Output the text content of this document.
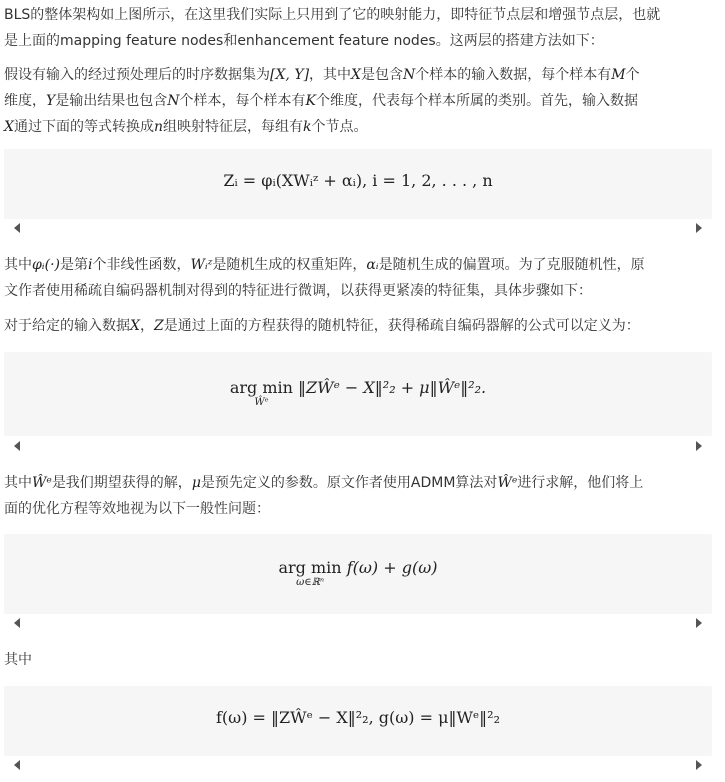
BLS的整体架构如上图所示，在这里我们实际上只用到了它的映射能力，即特征节点层和增强节点层，也就
是上面的mapping feature nodes和enhancement feature nodes。这两层的搭建方法如下：

假设有输入的经过预处理后的时序数据集为[X, Y]，其中X是包含N个样本的输入数据，每个样本有M个
维度，Y是输出结果也包含N个样本，每个样本有K个维度，代表每个样本所属的类别。首先，输入数据
X通过下面的等式转换成n组映射特征层，每组有k个节点。

Zᵢ = φᵢ(XWᵢᶻ + αᵢ), i = 1, 2, . . . , n

其中φᵢ(·)是第i个非线性函数，Wᵢᶻ是随机生成的权重矩阵，αᵢ是随机生成的偏置项。为了克服随机性，原
文作者使用稀疏自编码器机制对得到的特征进行微调，以获得更紧凑的特征集，具体步骤如下：

对于给定的输入数据X，Z是通过上面的方程获得的随机特征，获得稀疏自编码器解的公式可以定义为：

arg min
Ŵᵉ
‖ZŴᵉ − X‖²₂ + μ‖Ŵᵉ‖²₂.

其中Ŵᵉ是我们期望获得的解，μ是预先定义的参数。原文作者使用ADMM算法对Ŵᵉ进行求解，他们将上
面的优化方程等效地视为以下一般性问题：

arg min
ω∈ℝⁿ
f(ω) + g(ω)

其中

f(ω) = ‖ZŴᵉ − X‖²₂, g(ω) = μ‖Wᵉ‖²₂
